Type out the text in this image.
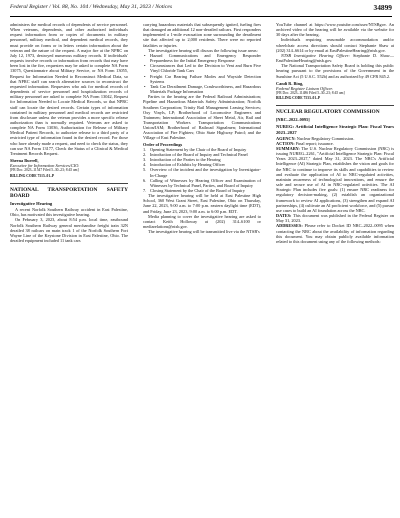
Federal Register / Vol. 88, No. 104 / Wednesday, May 31, 2023 / Notices	34899

administers the medical records of dependents of service personnel. When veterans, dependents, and other authorized individuals request information from or copies of documents in military personnel, military medical, and dependent medical records, they must provide on forms or in letters certain information about the veteran and the nature of the request. A major fire at the NPRC on July 12, 1973, destroyed numerous military records. If individuals' requests involve records or information from records that may have been lost in the fire, requesters may be asked to complete NA Form 13075, Questionnaire about Military Service, or NA Form 13055, Request for Information Needed to Reconstruct Medical Data, so that NPRC staff can search alternative sources to reconstruct the requested information. Requesters who ask for medical records of dependents of service personnel and hospitalization records of military personnel are asked to complete NA Form 13042, Request for Information Needed to Locate Medical Records, so that NPRC staff can locate the desired records. Certain types of information contained in military personnel and medical records are restricted from disclosure unless the veteran provides a more specific release authorization than is normally required. Veterans are asked to complete NA Form 13036, Authorization for Release of Military Medical Patient Records, to authorize release to a third party of a restricted type of information found in the desired record. For those who have already made a request, and need to check the status, they can use NA Form 13177, Check the Status of a Clinical & Medical Treatment Records Request.

Sheena Burrell,

Executive for Information Services/CIO.

[FR Doc. 2023–11547 Filed 5–30–23; 8:45 am]

BILLING CODE 7515–01–P

NATIONAL TRANSPORTATION SAFETY BOARD

Investigative Hearing

A recent Norfolk Southern Railway accident in East Palestine, Ohio, has motivated this investigative hearing.

On February 3, 2023, about 8:54 p.m. local time, eastbound Norfolk Southern Railway general merchandise freight train 32N derailed 38 railcars on main track 1 of the Norfolk Southern Fort Wayne Line of the Keystone Division in East Palestine, Ohio. The derailed equipment included 11 tank cars

carrying hazardous materials that subsequently ignited, fueling fires that damaged an additional 12 non-derailed railcars. First responders implemented a 1-mile evacuation zone surrounding the derailment site that affected up to 2,000 residents. There were no reported fatalities or injuries.

The investigative hearing will discuss the following issue areas:

• Hazard Communications and Emergency Responder Preparedness for the Initial Emergency Response

• Circumstances that Led to the Decision to Vent and Burn Five Vinyl Chloride Tank Cars

• Freight Car Bearing Failure Modes and Wayside Detection Systems

• Tank Car Derailment Damage, Crashworthiness, and Hazardous Materials Package Information

Parties to the hearing are the Federal Railroad Administration; Pipeline and Hazardous Materials Safety Administration; Norfolk Southern Corporation; Trinity Rail Management Leasing Services; Oxy Vinyls, LP; Brotherhood of Locomotive Engineers and Trainmen; International Association of Sheet Metal, Air, Rail and Transportation Workers Transportation Communications Union/IAM; Brotherhood of Railroad Signalmen; International Association of Fire Fighters; Ohio State Highway Patrol; and the Village of East Palestine.

Order of Proceedings

1. Opening Statement by the Chair of the Board of Inquiry

2. Introduction of the Board of Inquiry and Technical Panel

3. Introduction of the Parties to the Hearing

4. Introduction of Exhibits by Hearing Officer

5. Overview of the incident and the investigation by Investigator-In-Charge

6. Calling of Witnesses by Hearing Officer and Examination of Witnesses by Technical Panel, Parties, and Board of Inquiry

7. Closing Statement by the Chair of the Board of Inquiry

The investigative hearing will be held at East Palestine High School, 360 West Grant Street, East Palestine, Ohio on Thursday, June 22, 2023, 9:00 a.m. to 7:00 p.m. eastern daylight time (EDT), and Friday, June 23, 2023, 9:00 a.m. to 6:00 p.m. EDT.

Media planning to cover the investigative hearing are asked to contact Keith Holloway at (202) 314–6100 or mediarelations@ntsb.gov.

The investigative hearing will be transmitted live via the NTSB's

YouTube channel at https://www.youtube.com/user/NTSBgov. An archived video of the hearing will be available via the website for 30 days after the hearing.

Individuals requiring reasonable accommodation and/or wheelchair access directions should contact Stephanie Shaw at (202) 314–6614 or by email at EastPalestineHearing@ntsb.gov.

NTSB Investigative Hearing Officer: Stephanie D. Shaw—EastPalestineHearing@ntsb.gov.

The National Transportation Safety Board is holding this public hearing pursuant to the provisions of the Government in the Sunshine Act (5 U.S.C. 552b) and as authorized by 49 CFR 845.2.

Candi R. Bing,

Federal Register Liaison Officer.

[FR Doc. 2023–11486 Filed 5–30–23; 8:45 am]

BILLING CODE 7533–01–P

NUCLEAR REGULATORY COMMISSION

[NRC–2022–0095]

NUREG: Artificial Intelligence Strategic Plan: Fiscal Years 2023–2027

AGENCY: Nuclear Regulatory Commission.

ACTION: Final report; issuance.

SUMMARY: The U.S. Nuclear Regulatory Commission (NRC) is issuing NUREG–2261, "Artificial Intelligence Strategic Plan: Fiscal Years 2023–2027," dated May 31, 2023. The NRC's Artificial Intelligence (AI) Strategic Plan, establishes the vision and goals for the NRC to continue to improve its skills and capabilities to review and evaluate the application of AI to NRC-regulated activities, maintain awareness of technological innovations, and ensure the safe and secure use of AI in NRC-regulated activities. The AI Strategic Plan includes five goals: (1) ensure NRC readiness for regulatory decision-making, (2) establish an organizational framework to review AI applications, (3) strengthen and expand AI partnerships, (4) cultivate an AI proficient workforce, and (5) pursue use cases to build an AI foundation across the NRC.

DATES: This document was published in the Federal Register on May 31, 2023.

ADDRESSES: Please refer to Docket ID NRC–2022–0095 when contacting the NRC about the availability of information regarding this document. You may obtain publicly available information related to this document using any of the following methods:
